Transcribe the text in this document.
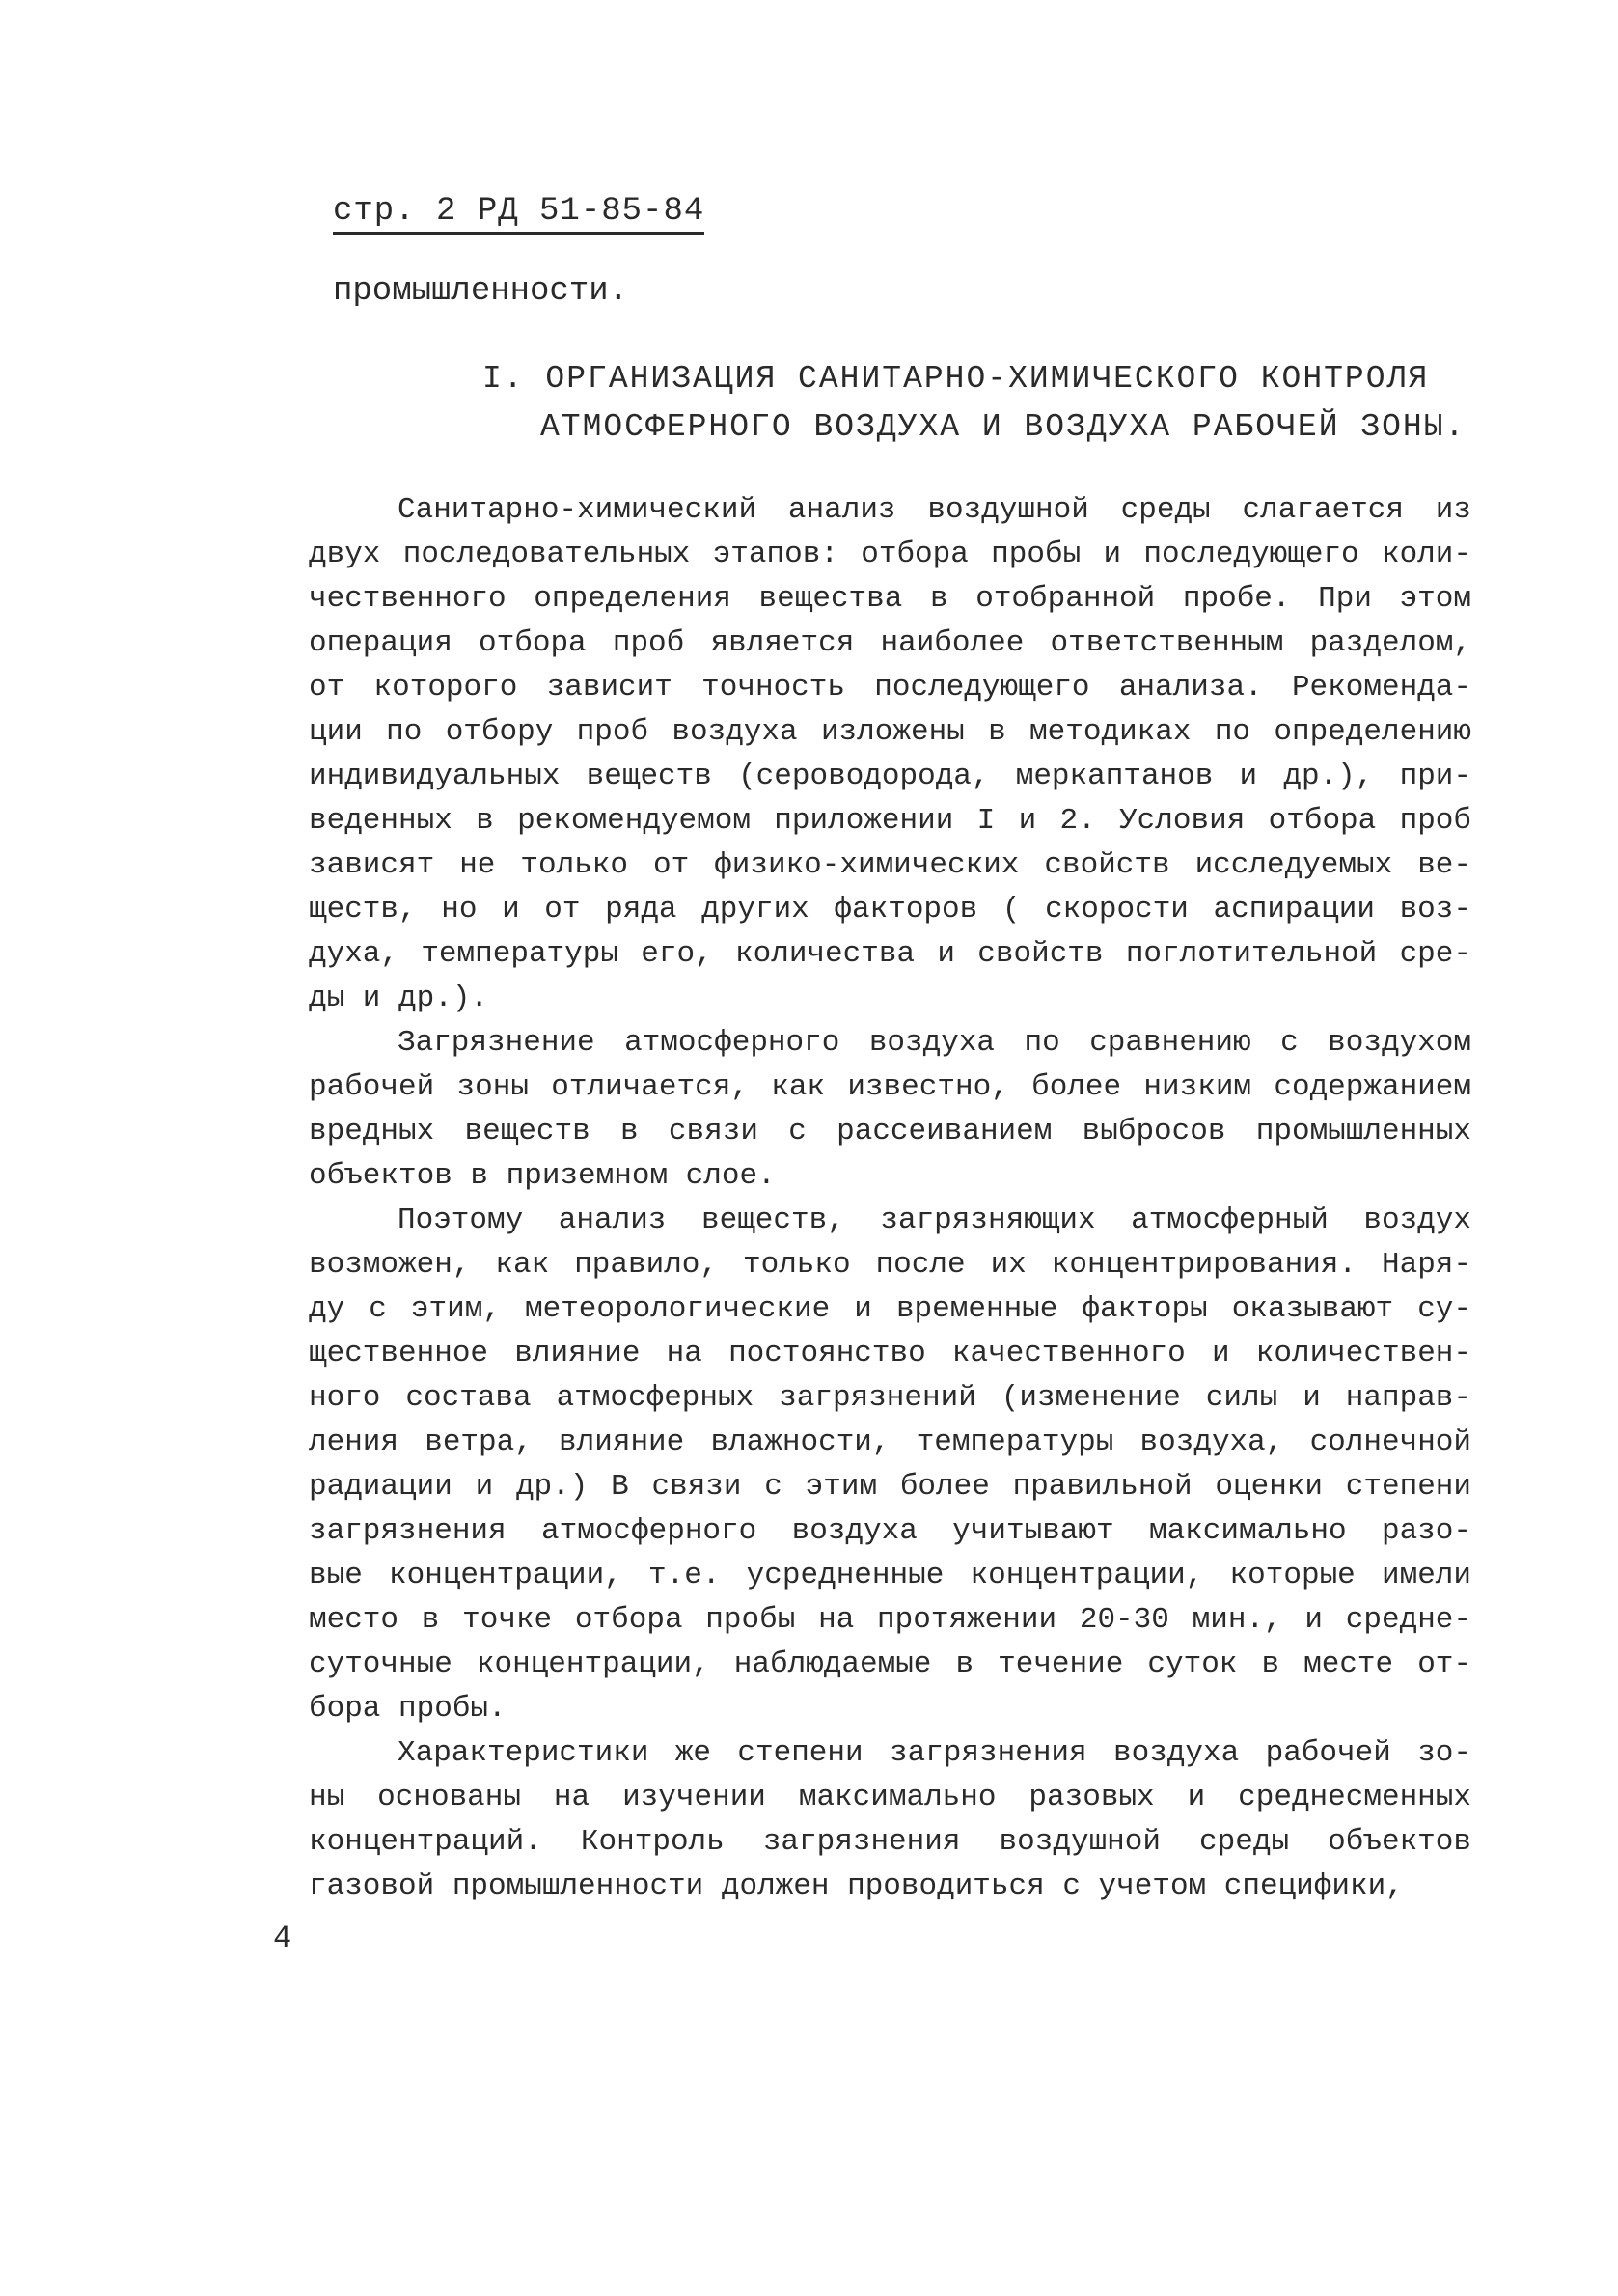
стр. 2 РД 51-85-84
промышленности.
I. ОРГАНИЗАЦИЯ САНИТАРНО-ХИМИЧЕСКОГО КОНТРОЛЯ
АТМОСФЕРНОГО ВОЗДУХА И ВОЗДУХА РАБОЧЕЙ ЗОНЫ.
Санитарно-химический анализ воздушной среды слагается из
двух последовательных этапов: отбора пробы и последующего коли-
чественного определения вещества в отобранной пробе. При этом
операция отбора проб является наиболее ответственным разделом,
от которого зависит точность последующего анализа. Рекоменда-
ции по отбору проб воздуха изложены в методиках по определению
индивидуальных веществ (сероводорода, меркаптанов и др.), при-
веденных в рекомендуемом приложении I и 2. Условия отбора проб
зависят не только от физико-химических свойств исследуемых ве-
ществ, но и от ряда других факторов ( скорости аспирации воз-
духа, температуры его, количества и свойств поглотительной сре-
ды и др.).
Загрязнение атмосферного воздуха по сравнению с воздухом
рабочей зоны отличается, как известно, более низким содержанием
вредных веществ в связи с рассеиванием выбросов промышленных
объектов в приземном слое.
Поэтому анализ веществ, загрязняющих атмосферный воздух
возможен, как правило, только после их концентрирования. Наря-
ду с этим, метеорологические и временные факторы оказывают су-
щественное влияние на постоянство качественного и количествен-
ного состава атмосферных загрязнений (изменение силы и направ-
ления ветра, влияние влажности, температуры воздуха, солнечной
радиации и др.) В связи с этим более правильной оценки степени
загрязнения атмосферного воздуха учитывают максимально разо-
вые концентрации, т.е. усредненные концентрации, которые имели
место в точке отбора пробы на протяжении 20-30 мин., и средне-
суточные концентрации, наблюдаемые в течение суток в месте от-
бора пробы.
Характеристики же степени загрязнения воздуха рабочей зо-
ны основаны на изучении максимально разовых и среднесменных
концентраций. Контроль загрязнения воздушной среды объектов
газовой промышленности должен проводиться с учетом специфики,
4
